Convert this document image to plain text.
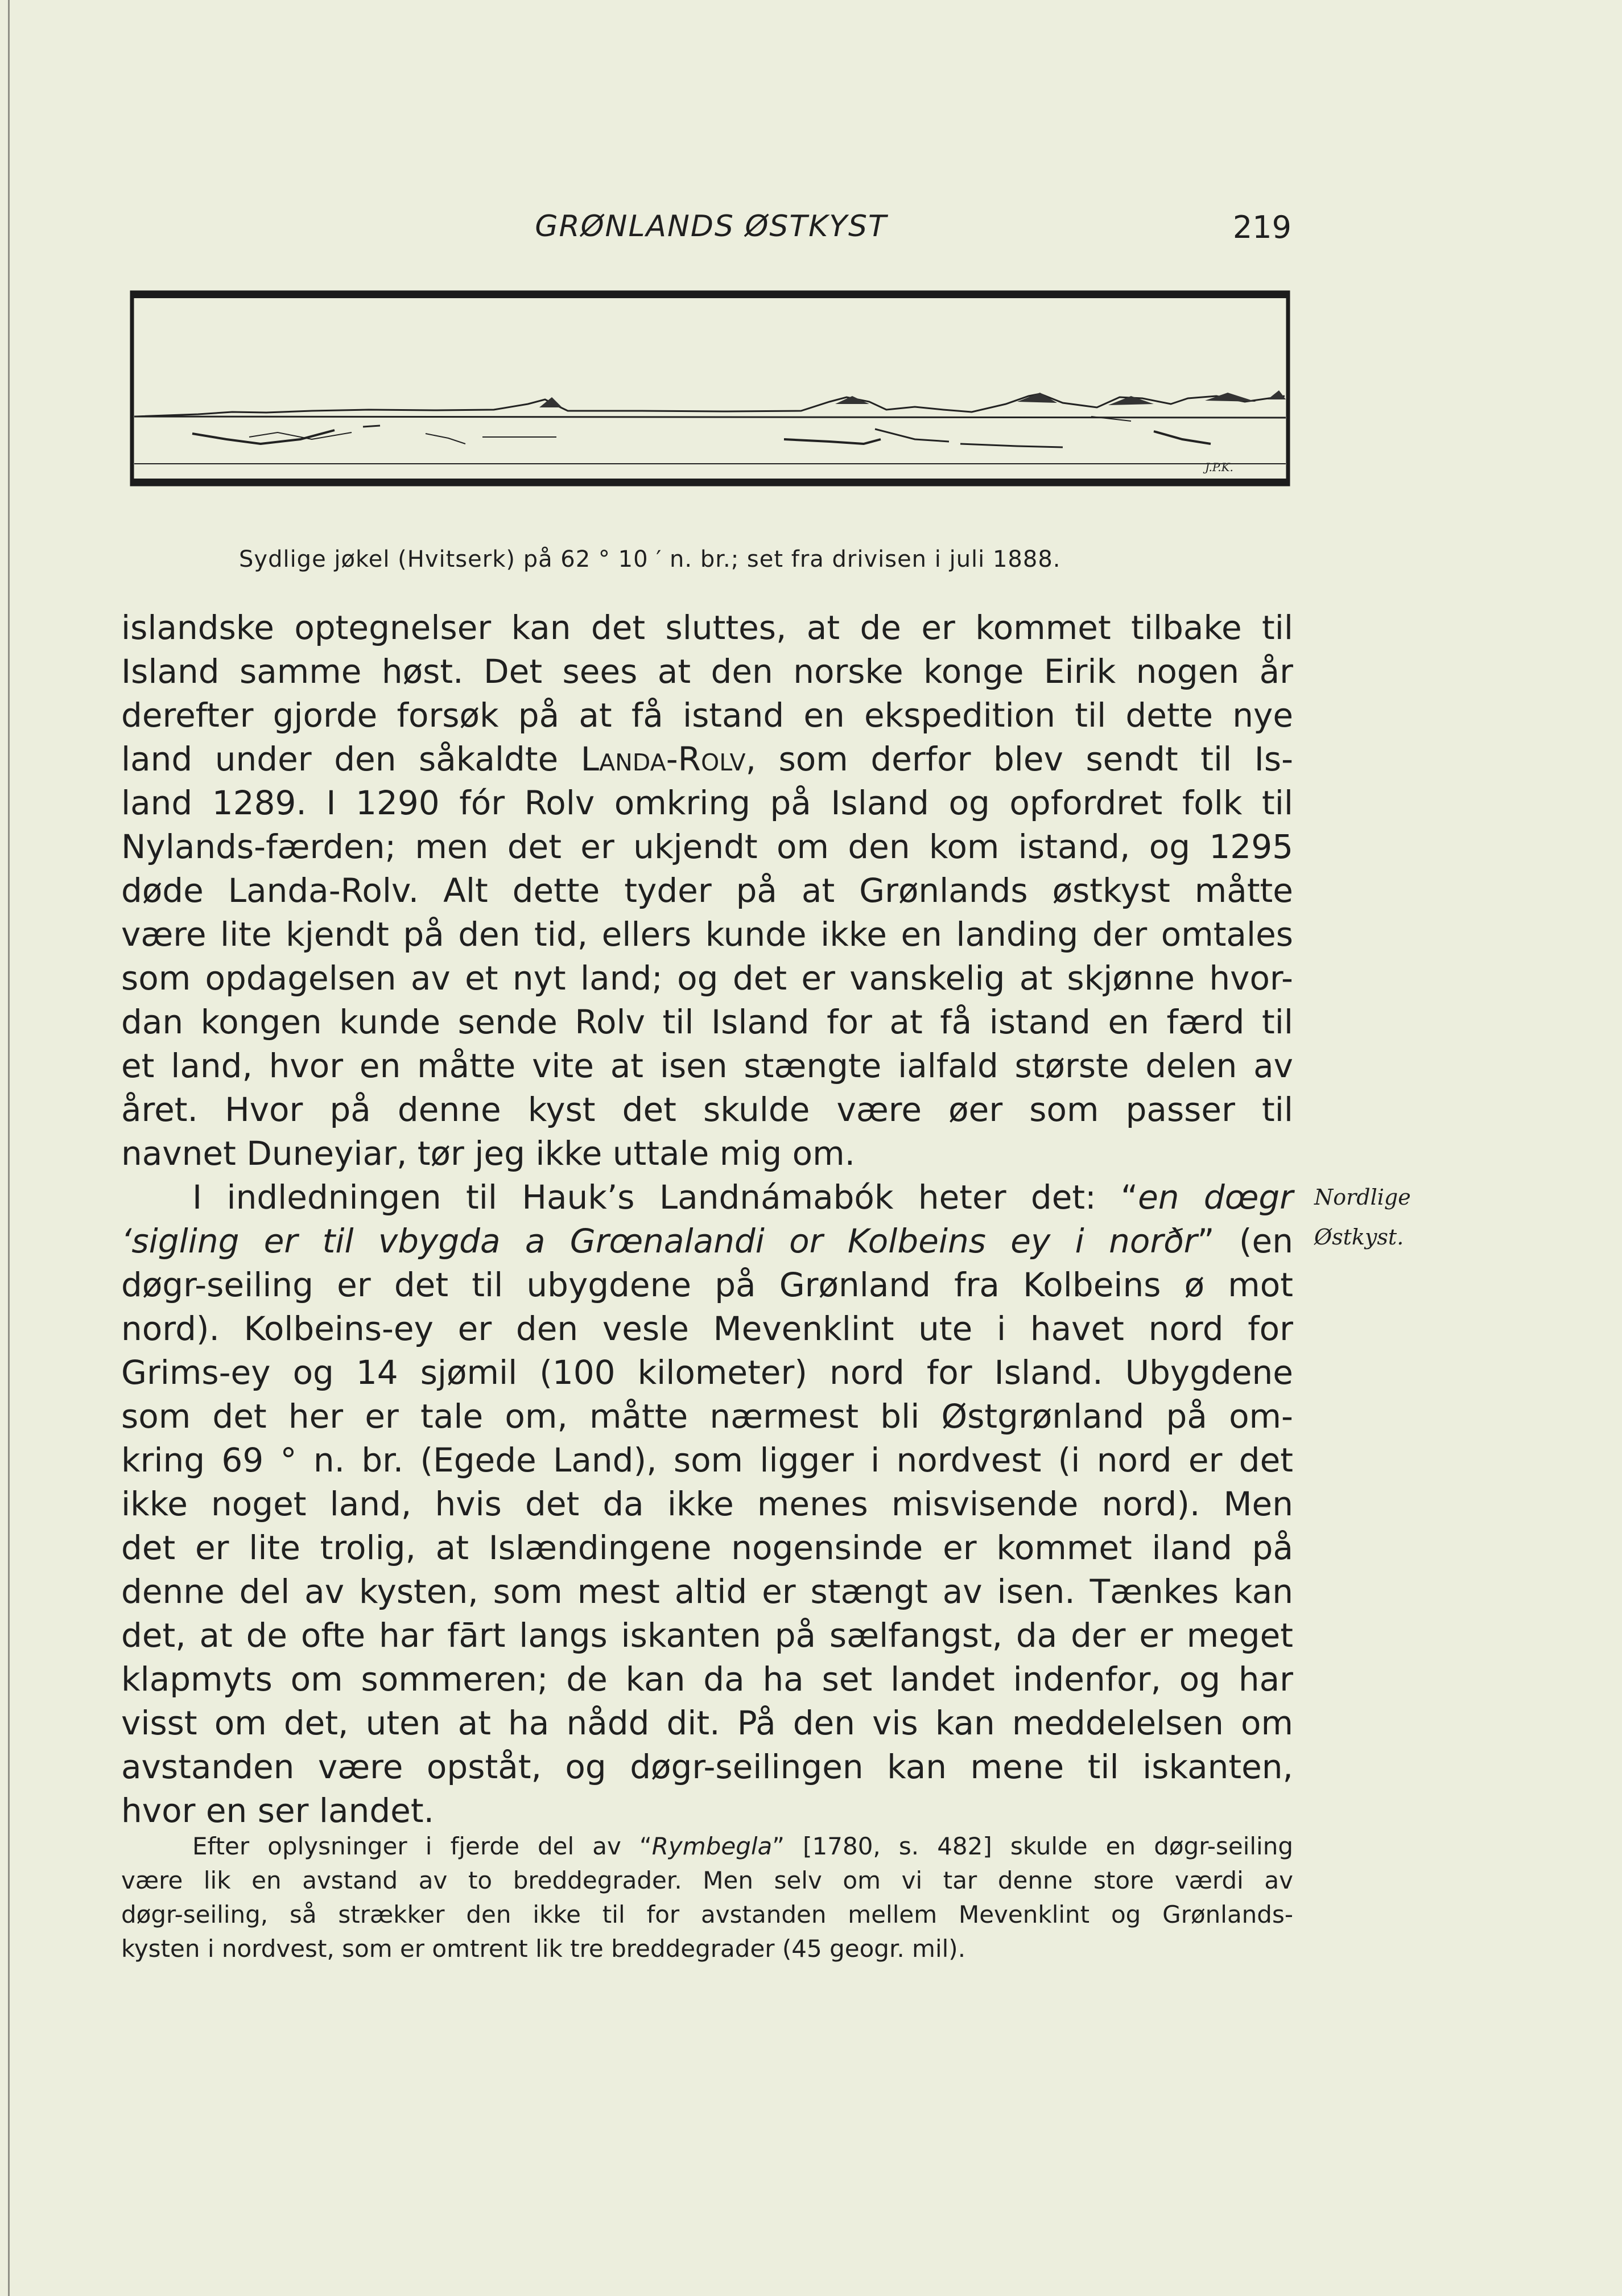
GRØNLANDS ØSTKYST	219
J.P.K.
Sydlige jøkel (Hvitserk) på 62 ° 10 ′ n. br.; set fra drivisen i juli 1888.
islandske optegnelser kan det sluttes, at de er kommet tilbake til
Island samme høst. Det sees at den norske konge Eirik nogen år
derefter gjorde forsøk på at få istand en ekspedition til dette nye
land under den såkaldte Landa-Rolv, som derfor blev sendt til Is-
land 1289. I 1290 fór Rolv omkring på Island og opfordret folk til
Nylands-færden; men det er ukjendt om den kom istand, og 1295
døde Landa-Rolv. Alt dette tyder på at Grønlands østkyst måtte
være lite kjendt på den tid, ellers kunde ikke en landing der omtales
som opdagelsen av et nyt land; og det er vanskelig at skjønne hvor-
dan kongen kunde sende Rolv til Island for at få istand en færd til
et land, hvor en måtte vite at isen stængte ialfald største delen av
året. Hvor på denne kyst det skulde være øer som passer til
navnet Duneyiar, tør jeg ikke uttale mig om.
I indledningen til Hauk’s Landnámabók heter det: “en dœgr
‘sigling er til vbygda a Grœnalandi or Kolbeins ey i norðr” (en
døgr-seiling er det til ubygdene på Grønland fra Kolbeins ø mot
nord). Kolbeins-ey er den vesle Mevenklint ute i havet nord for
Grims-ey og 14 sjømil (100 kilometer) nord for Island. Ubygdene
som det her er tale om, måtte nærmest bli Østgrønland på om-
kring 69 ° n. br. (Egede Land), som ligger i nordvest (i nord er det
ikke noget land, hvis det da ikke menes misvisende nord). Men
det er lite trolig, at Islændingene nogensinde er kommet iland på
denne del av kysten, som mest altid er stængt av isen. Tænkes kan
det, at de ofte har fārt langs iskanten på sælfangst, da der er meget
klapmyts om sommeren; de kan da ha set landet indenfor, og har
visst om det, uten at ha nådd dit. På den vis kan meddelelsen om
avstanden være opståt, og døgr-seilingen kan mene til iskanten,
hvor en ser landet.
Nordlige
Østkyst.
Efter oplysninger i fjerde del av “Rymbegla” [1780, s. 482] skulde en døgr-seiling
være lik en avstand av to breddegrader. Men selv om vi tar denne store værdi av
døgr-seiling, så strækker den ikke til for avstanden mellem Mevenklint og Grønlands-
kysten i nordvest, som er omtrent lik tre breddegrader (45 geogr. mil).
